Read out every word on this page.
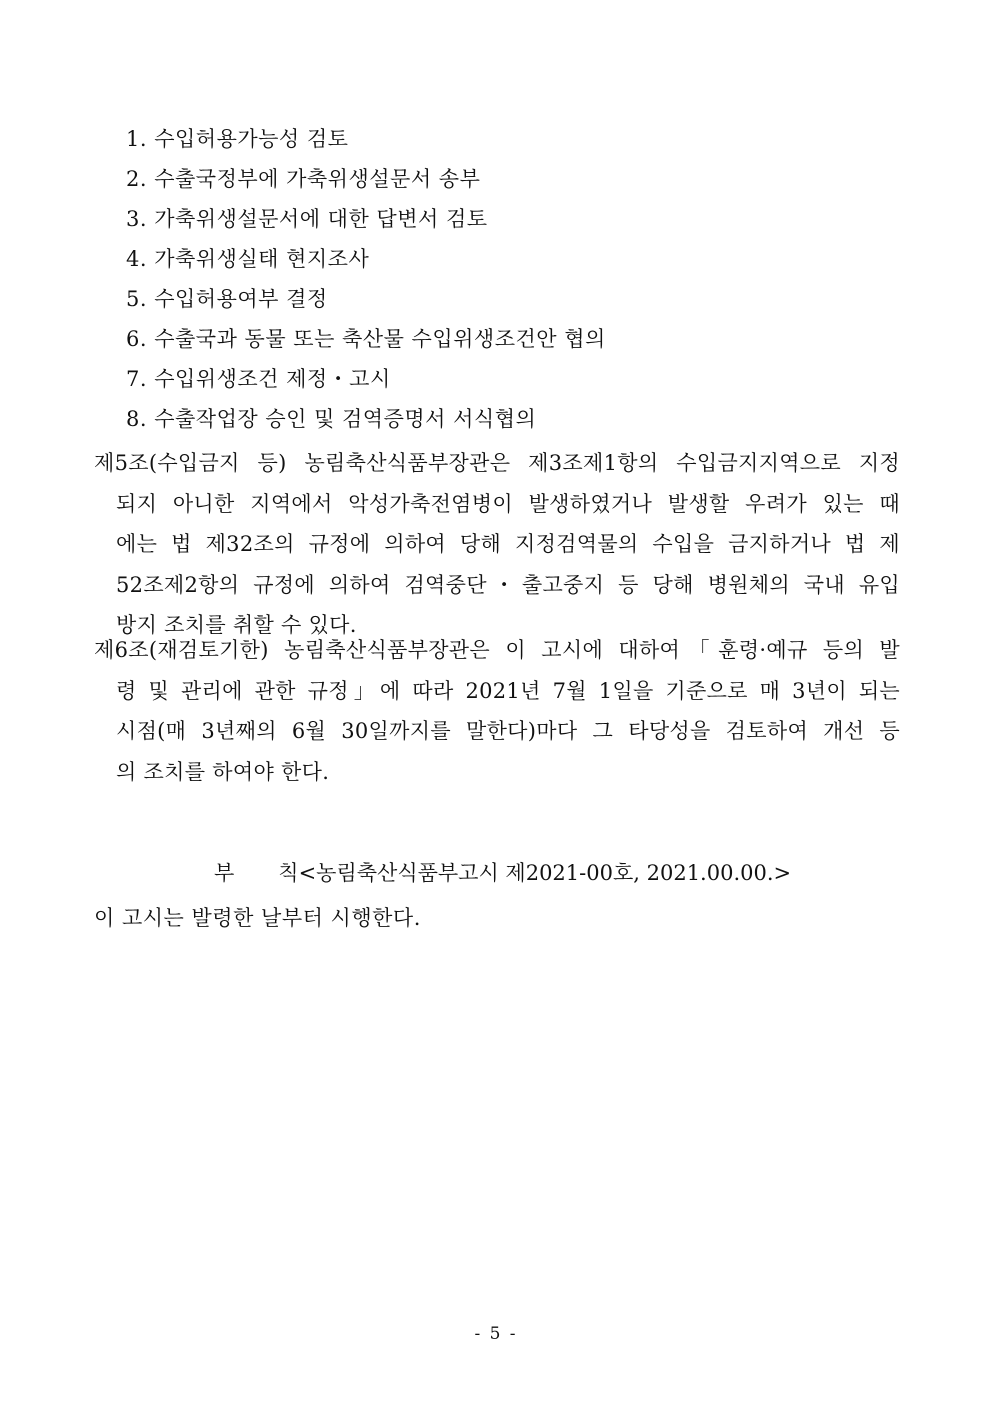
1. 수입허용가능성 검토
2. 수출국정부에 가축위생설문서 송부
3. 가축위생설문서에 대한 답변서 검토
4. 가축위생실태 현지조사
5. 수입허용여부 결정
6. 수출국과 동물 또는 축산물 수입위생조건안 협의
7. 수입위생조건 제정・고시
8. 수출작업장 승인 및 검역증명서 서식협의
제5조(수입금지 등) 농림축산식품부장관은 제3조제1항의 수입금지지역으로 지정
되지 아니한 지역에서 악성가축전염병이 발생하였거나 발생할 우려가 있는 때
에는 법 제32조의 규정에 의하여 당해 지정검역물의 수입을 금지하거나 법 제
52조제2항의 규정에 의하여 검역중단・출고중지 등 당해 병원체의 국내 유입
방지 조치를 취할 수 있다.
제6조(재검토기한) 농림축산식품부장관은 이 고시에 대하여「훈령·예규 등의 발
령 및 관리에 관한 규정」에 따라 2021년 7월 1일을 기준으로 매 3년이 되는
시점(매 3년째의 6월 30일까지를 말한다)마다 그 타당성을 검토하여 개선 등
의 조치를 하여야 한다.
부 칙<농림축산식품부고시 제2021-00호, 2021.00.00.>
이 고시는 발령한 날부터 시행한다.
- 5 -
